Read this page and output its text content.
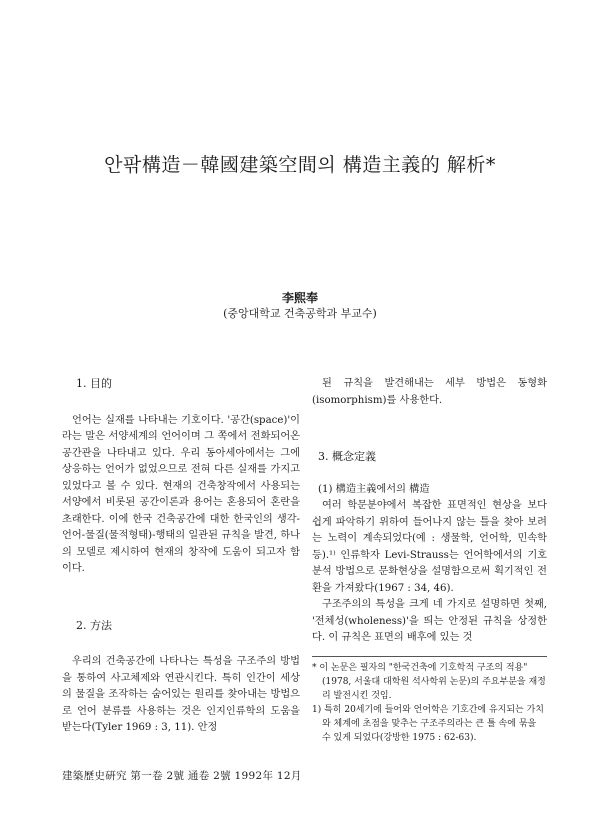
안팎構造－韓國建築空間의 構造主義的 解析*
李熙奉
(중앙대학교 건축공학과 부교수)

1. 目的

언어는 실재를 나타내는 기호이다. '공간(space)'이라는 말은 서양세계의 언어이며 그 쪽에서 전화되어온 공간관을 나타내고 있다. 우리 동아세아에서는 그에 상응하는 언어가 없었으므로 전혀 다른 실재를 가지고 있었다고 볼 수 있다. 현재의 건축창작에서 사용되는 서양에서 비롯된 공간이론과 용어는 혼용되어 혼란을 초래한다. 이에 한국 건축공간에 대한 한국인의 생각-언어-물질(물적형태)-행태의 일관된 규칙을 발견, 하나의 모델로 제시하여 현재의 창작에 도움이 되고자 함이다.

2. 方法

우리의 건축공간에 나타나는 특성을 구조주의 방법을 통하여 사고체제와 연관시킨다. 특히 인간이 세상의 물질을 조작하는 숨어있는 원리를 찾아내는 방법으로 언어 분류를 사용하는 것은 인지인류학의 도움을 받는다(Tyler 1969 : 3, 11). 안정

된 규칙을 발견해내는 세부 방법은 동형화(isomorphism)를 사용한다.

3. 概念定義

(1) 構造主義에서의 構造

여러 학문분야에서 복잡한 표면적인 현상을 보다 쉽게 파악하기 위하여 들어나지 않는 틀을 찾아 보려는 노력이 계속되었다(예 : 생물학, 언어학, 민속학 등).¹⁾ 인류학자 Levi-Strauss는 언어학에서의 기호분석 방법으로 문화현상을 설명함으로써 획기적인 전환을 가져왔다(1967 : 34, 46).

구조주의의 특성을 크게 네 가지로 설명하면 첫째, '전체성(wholeness)'을 띄는 안정된 규칙을 상정한다. 이 규칙은 표면의 배후에 있는 것

* 이 논문은 필자의 "한국건축에 기호학적 구조의 적용" (1978, 서울대 대학원 석사학위 논문)의 주요부분을 재정리 발전시킨 것임.

1) 특히 20세기에 들어와 언어학은 기호간에 유지되는 가치와 체계에 초점을 맞추는 구조주의라는 큰 틀 속에 묶을 수 있게 되었다(강방한 1975 : 62-63).

建築歷史硏究 第一卷 2號 通卷 2號 1992年 12月
